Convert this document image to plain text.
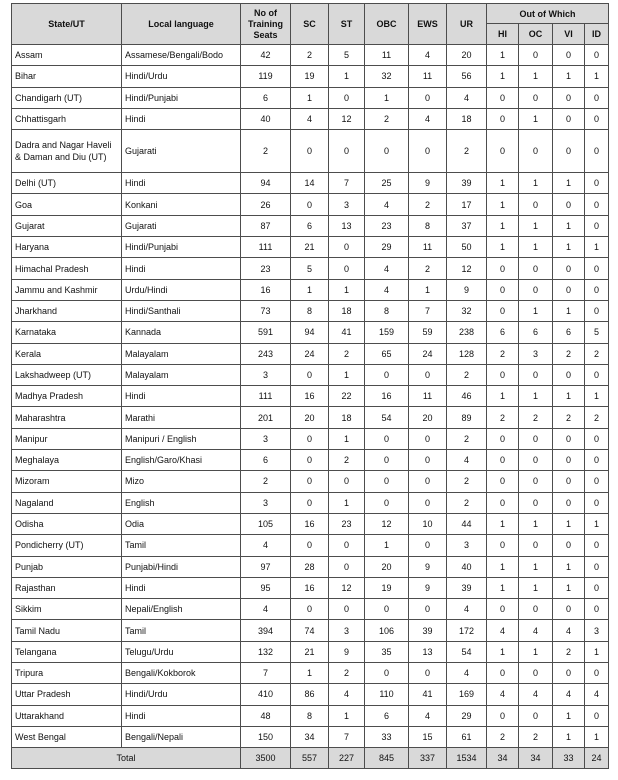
State/UT	Local language	No of Training Seats	SC	ST	OBC	EWS	UR	Out of Which			
								HI	OC	VI	ID
Assam	Assamese/Bengali/Bodo	42	2	5	11	4	20	1	0	0	0
Bihar	Hindi/Urdu	119	19	1	32	11	56	1	1	1	1
Chandigarh (UT)	Hindi/Punjabi	6	1	0	1	0	4	0	0	0	0
Chhattisgarh	Hindi	40	4	12	2	4	18	0	1	0	0
Dadra and Nagar Haveli & Daman and Diu (UT)	Gujarati	2	0	0	0	0	2	0	0	0	0
Delhi (UT)	Hindi	94	14	7	25	9	39	1	1	1	0
Goa	Konkani	26	0	3	4	2	17	1	0	0	0
Gujarat	Gujarati	87	6	13	23	8	37	1	1	1	0
Haryana	Hindi/Punjabi	111	21	0	29	11	50	1	1	1	1
Himachal Pradesh	Hindi	23	5	0	4	2	12	0	0	0	0
Jammu and Kashmir	Urdu/Hindi	16	1	1	4	1	9	0	0	0	0
Jharkhand	Hindi/Santhali	73	8	18	8	7	32	0	1	1	0
Karnataka	Kannada	591	94	41	159	59	238	6	6	6	5
Kerala	Malayalam	243	24	2	65	24	128	2	3	2	2
Lakshadweep (UT)	Malayalam	3	0	1	0	0	2	0	0	0	0
Madhya Pradesh	Hindi	111	16	22	16	11	46	1	1	1	1
Maharashtra	Marathi	201	20	18	54	20	89	2	2	2	2
Manipur	Manipuri / English	3	0	1	0	0	2	0	0	0	0
Meghalaya	English/Garo/Khasi	6	0	2	0	0	4	0	0	0	0
Mizoram	Mizo	2	0	0	0	0	2	0	0	0	0
Nagaland	English	3	0	1	0	0	2	0	0	0	0
Odisha	Odia	105	16	23	12	10	44	1	1	1	1
Pondicherry (UT)	Tamil	4	0	0	1	0	3	0	0	0	0
Punjab	Punjabi/Hindi	97	28	0	20	9	40	1	1	1	0
Rajasthan	Hindi	95	16	12	19	9	39	1	1	1	0
Sikkim	Nepali/English	4	0	0	0	0	4	0	0	0	0
Tamil Nadu	Tamil	394	74	3	106	39	172	4	4	4	3
Telangana	Telugu/Urdu	132	21	9	35	13	54	1	1	2	1
Tripura	Bengali/Kokborok	7	1	2	0	0	4	0	0	0	0
Uttar Pradesh	Hindi/Urdu	410	86	4	110	41	169	4	4	4	4
Uttarakhand	Hindi	48	8	1	6	4	29	0	0	1	0
West Bengal	Bengali/Nepali	150	34	7	33	15	61	2	2	1	1
Total		3500	557	227	845	337	1534	34	34	33	24
